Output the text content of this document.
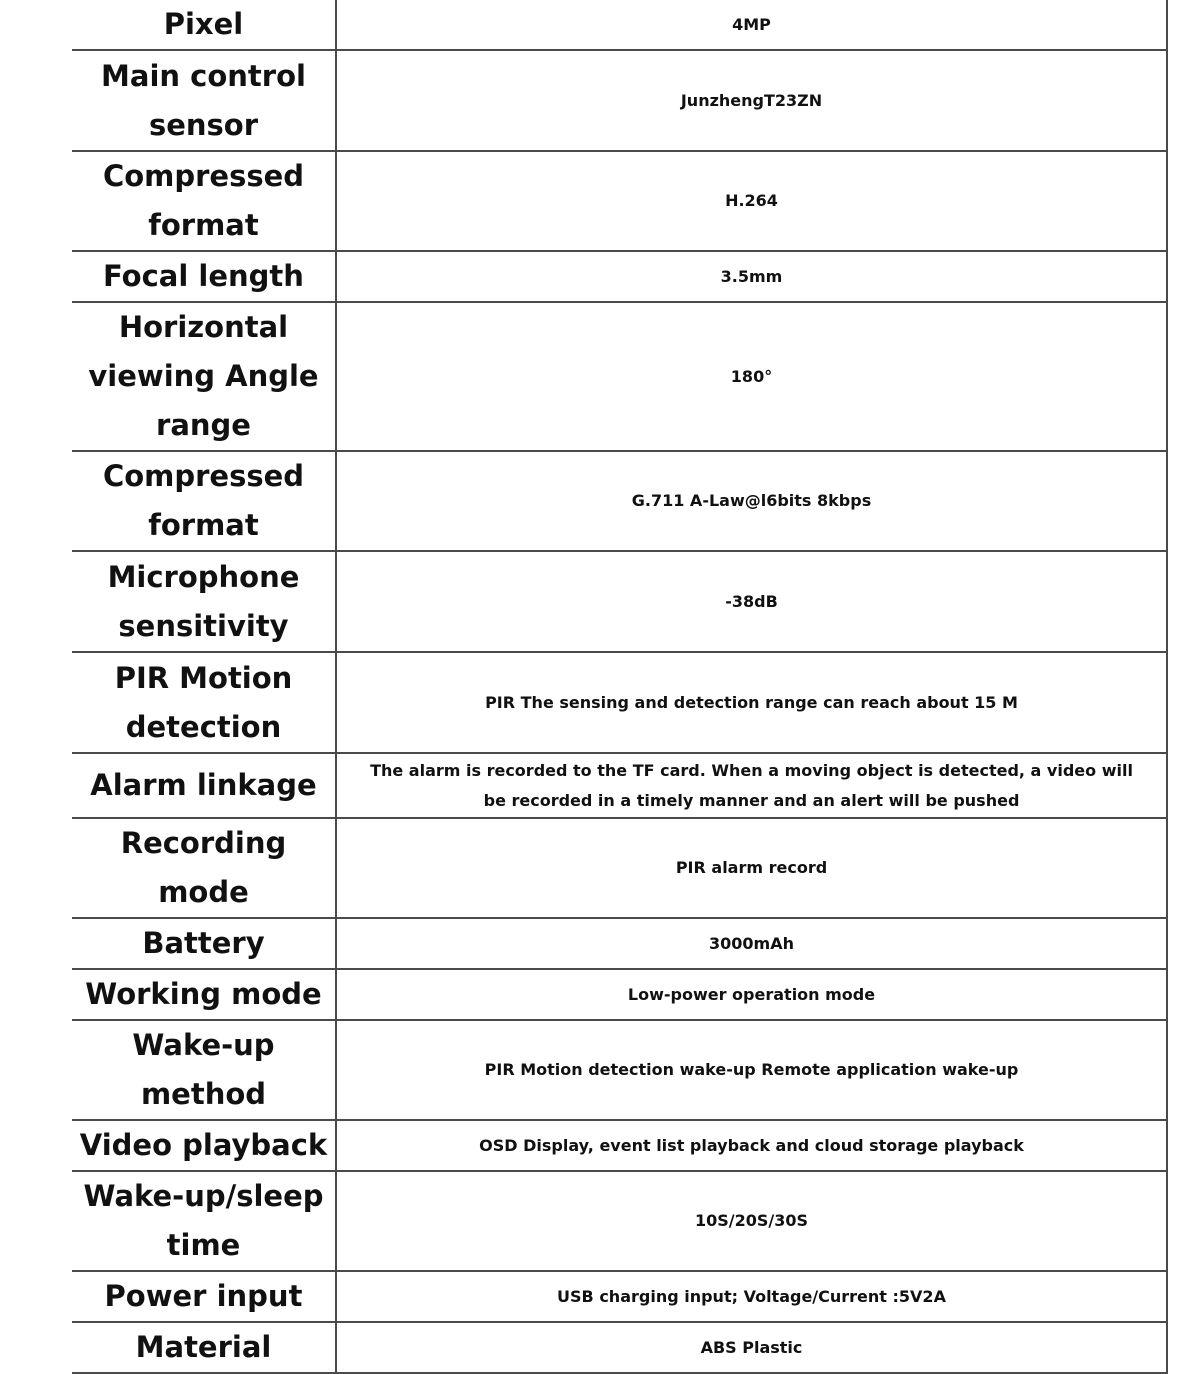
Pixel	4MP
Main control sensor	JunzhengT23ZN
Compressed format	H.264
Focal length	3.5mm
Horizontal viewing Angle range	180°
Compressed format	G.711 A-Law@l6bits 8kbps
Microphone sensitivity	-38dB
PIR Motion detection	PIR The sensing and detection range can reach about 15 M
Alarm linkage	The alarm is recorded to the TF card. When a moving object is detected, a video will be recorded in a timely manner and an alert will be pushed
Recording mode	PIR alarm record
Battery	3000mAh
Working mode	Low-power operation mode
Wake-up method	PIR Motion detection wake-up Remote application wake-up
Video playback	OSD Display, event list playback and cloud storage playback
Wake-up/sleep time	10S/20S/30S
Power input	USB charging input; Voltage/Current :5V2A
Material	ABS Plastic
